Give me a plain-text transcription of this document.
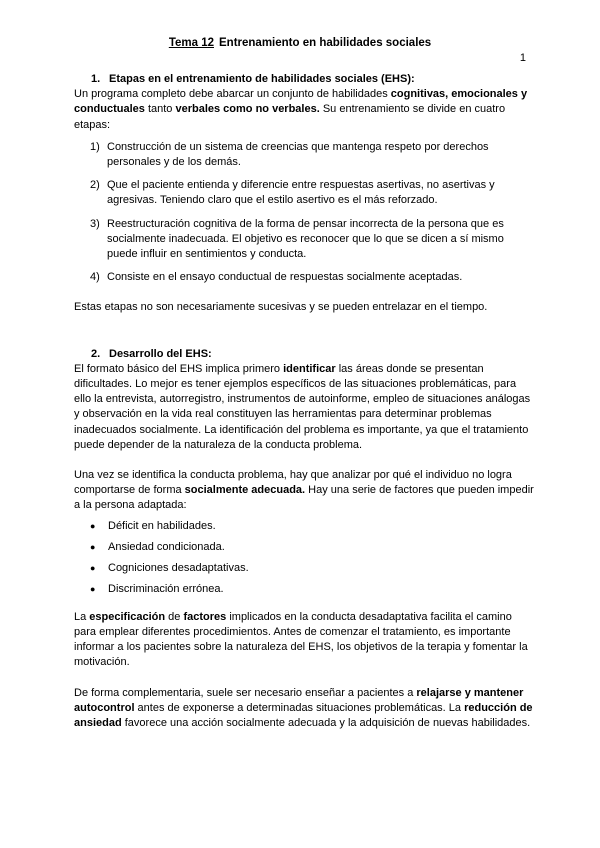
Tema 12 Entrenamiento en habilidades sociales
1

1. Etapas en el entrenamiento de habilidades sociales (EHS):

Un programa completo debe abarcar un conjunto de habilidades cognitivas, emocionales y conductuales tanto verbales como no verbales. Su entrenamiento se divide en cuatro etapas:

1) Construcción de un sistema de creencias que mantenga respeto por derechos personales y de los demás.
2) Que el paciente entienda y diferencie entre respuestas asertivas, no asertivas y agresivas. Teniendo claro que el estilo asertivo es el más reforzado.
3) Reestructuración cognitiva de la forma de pensar incorrecta de la persona que es socialmente inadecuada. El objetivo es reconocer que lo que se dicen a sí mismo puede influir en sentimientos y conducta.
4) Consiste en el ensayo conductual de respuestas socialmente aceptadas.

Estas etapas no son necesariamente sucesivas y se pueden entrelazar en el tiempo.

2. Desarrollo del EHS:

El formato básico del EHS implica primero identificar las áreas donde se presentan dificultades. Lo mejor es tener ejemplos específicos de las situaciones problemáticas, para ello la entrevista, autorregistro, instrumentos de autoinforme, empleo de situaciones análogas y observación en la vida real constituyen las herramientas para determinar problemas inadecuados socialmente. La identificación del problema es importante, ya que el tratamiento puede depender de la naturaleza de la conducta problema.

Una vez se identifica la conducta problema, hay que analizar por qué el individuo no logra comportarse de forma socialmente adecuada. Hay una serie de factores que pueden impedir a la persona adaptada:

● Déficit en habilidades.
● Ansiedad condicionada.
● Cogniciones desadaptativas.
● Discriminación errónea.

La especificación de factores implicados en la conducta desadaptativa facilita el camino para emplear diferentes procedimientos. Antes de comenzar el tratamiento, es importante informar a los pacientes sobre la naturaleza del EHS, los objetivos de la terapia y fomentar la motivación.

De forma complementaria, suele ser necesario enseñar a pacientes a relajarse y mantener autocontrol antes de exponerse a determinadas situaciones problemáticas. La reducción de ansiedad favorece una acción socialmente adecuada y la adquisición de nuevas habilidades.
